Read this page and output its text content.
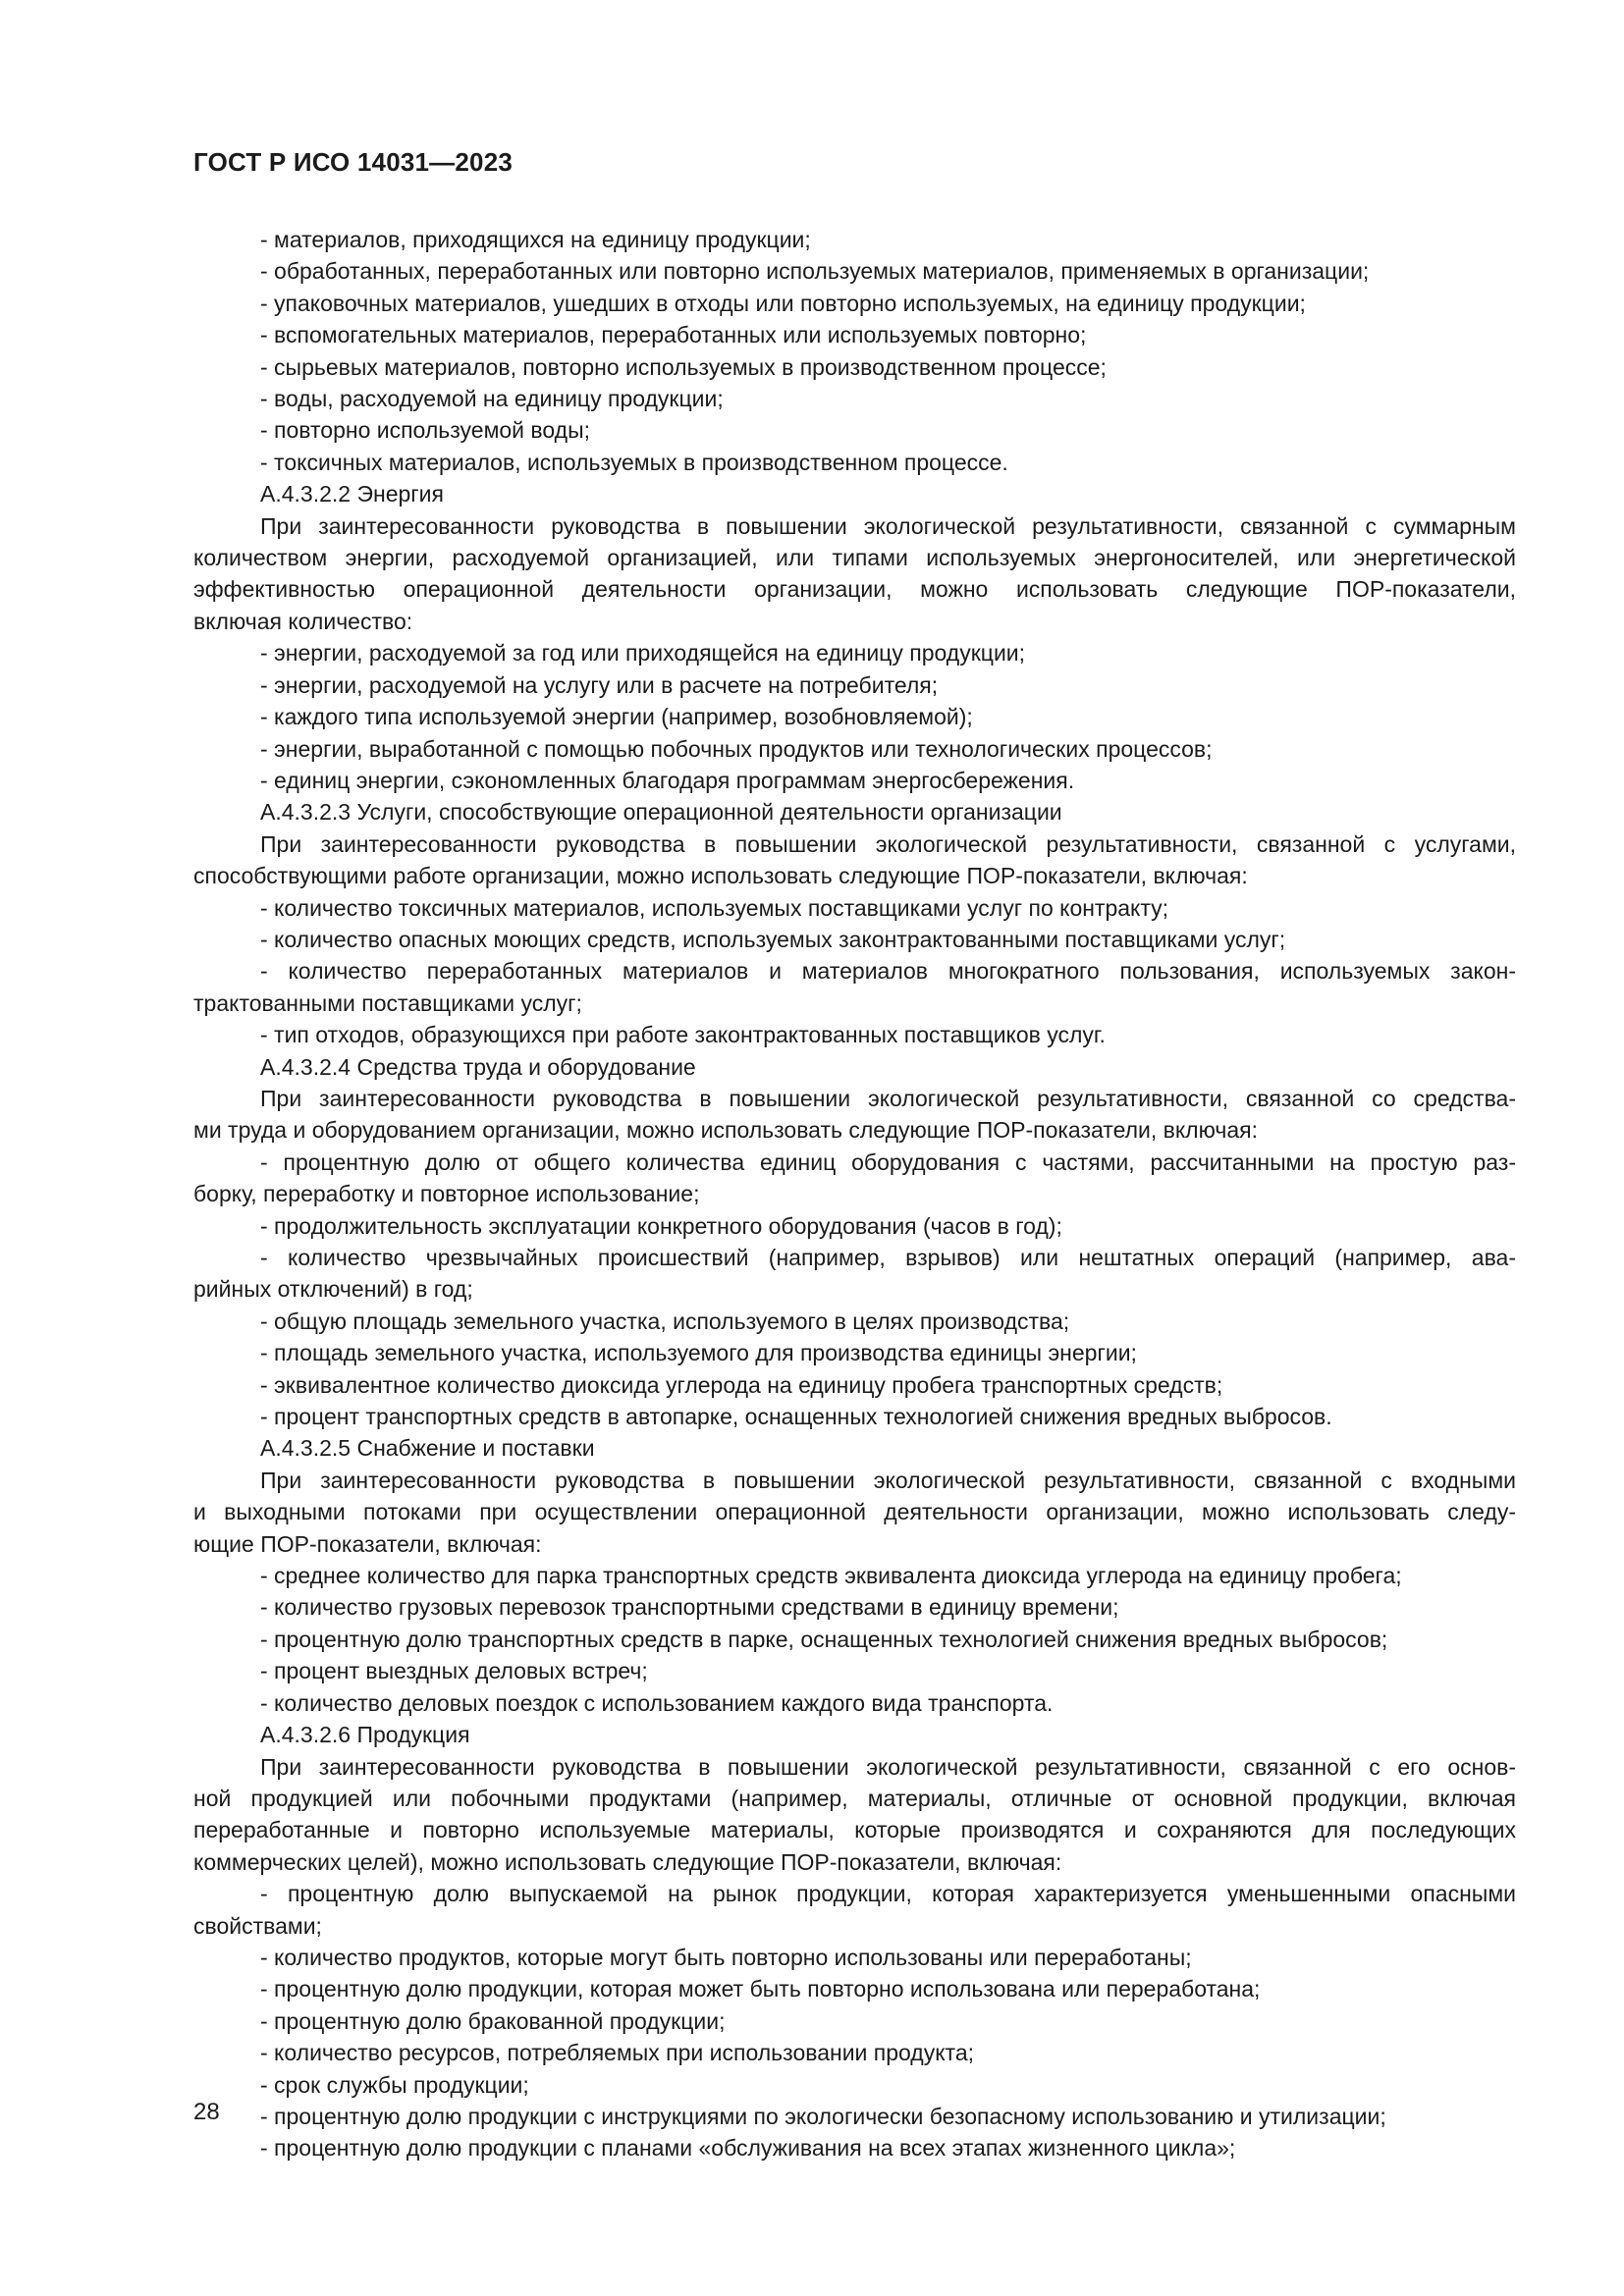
ГОСТ Р ИСО 14031—2023
- материалов, приходящихся на единицу продукции;
- обработанных, переработанных или повторно используемых материалов, применяемых в организации;
- упаковочных материалов, ушедших в отходы или повторно используемых, на единицу продукции;
- вспомогательных материалов, переработанных или используемых повторно;
- сырьевых материалов, повторно используемых в производственном процессе;
- воды, расходуемой на единицу продукции;
- повторно используемой воды;
- токсичных материалов, используемых в производственном процессе.
А.4.3.2.2 Энергия
При заинтересованности руководства в повышении экологической результативности, связанной с суммарным
количеством энергии, расходуемой организацией, или типами используемых энергоносителей, или энергетической
эффективностью операционной деятельности организации, можно использовать следующие ПОР-показатели,
включая количество:
- энергии, расходуемой за год или приходящейся на единицу продукции;
- энергии, расходуемой на услугу или в расчете на потребителя;
- каждого типа используемой энергии (например, возобновляемой);
- энергии, выработанной с помощью побочных продуктов или технологических процессов;
- единиц энергии, сэкономленных благодаря программам энергосбережения.
А.4.3.2.3 Услуги, способствующие операционной деятельности организации
При заинтересованности руководства в повышении экологической результативности, связанной с услугами,
способствующими работе организации, можно использовать следующие ПОР-показатели, включая:
- количество токсичных материалов, используемых поставщиками услуг по контракту;
- количество опасных моющих средств, используемых законтрактованными поставщиками услуг;
- количество переработанных материалов и материалов многократного пользования, используемых закон-
трактованными поставщиками услуг;
- тип отходов, образующихся при работе законтрактованных поставщиков услуг.
А.4.3.2.4 Средства труда и оборудование
При заинтересованности руководства в повышении экологической результативности, связанной со средства-
ми труда и оборудованием организации, можно использовать следующие ПОР-показатели, включая:
- процентную долю от общего количества единиц оборудования с частями, рассчитанными на простую раз-
борку, переработку и повторное использование;
- продолжительность эксплуатации конкретного оборудования (часов в год);
- количество чрезвычайных происшествий (например, взрывов) или нештатных операций (например, ава-
рийных отключений) в год;
- общую площадь земельного участка, используемого в целях производства;
- площадь земельного участка, используемого для производства единицы энергии;
- эквивалентное количество диоксида углерода на единицу пробега транспортных средств;
- процент транспортных средств в автопарке, оснащенных технологией снижения вредных выбросов.
А.4.3.2.5 Снабжение и поставки
При заинтересованности руководства в повышении экологической результативности, связанной с входными
и выходными потоками при осуществлении операционной деятельности организации, можно использовать следу-
ющие ПОР-показатели, включая:
- среднее количество для парка транспортных средств эквивалента диоксида углерода на единицу пробега;
- количество грузовых перевозок транспортными средствами в единицу времени;
- процентную долю транспортных средств в парке, оснащенных технологией снижения вредных выбросов;
- процент выездных деловых встреч;
- количество деловых поездок с использованием каждого вида транспорта.
А.4.3.2.6 Продукция
При заинтересованности руководства в повышении экологической результативности, связанной с его основ-
ной продукцией или побочными продуктами (например, материалы, отличные от основной продукции, включая
переработанные и повторно используемые материалы, которые производятся и сохраняются для последующих
коммерческих целей), можно использовать следующие ПОР-показатели, включая:
- процентную долю выпускаемой на рынок продукции, которая характеризуется уменьшенными опасными
свойствами;
- количество продуктов, которые могут быть повторно использованы или переработаны;
- процентную долю продукции, которая может быть повторно использована или переработана;
- процентную долю бракованной продукции;
- количество ресурсов, потребляемых при использовании продукта;
- срок службы продукции;
- процентную долю продукции с инструкциями по экологически безопасному использованию и утилизации;
- процентную долю продукции с планами «обслуживания на всех этапах жизненного цикла»;
28
